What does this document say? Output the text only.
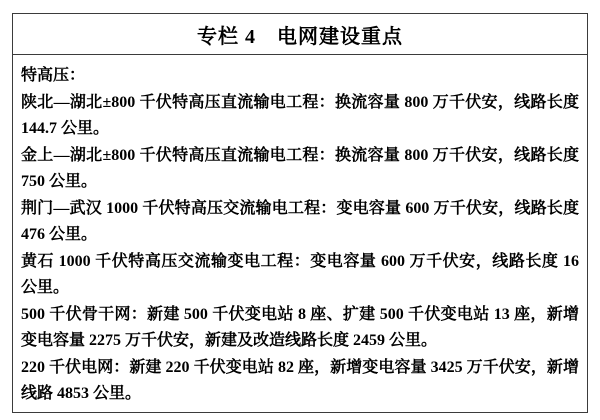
专栏 4　电网建设重点

特高压：

陕北—湖北±800 千伏特高压直流输电工程：换流容量 800 万千伏安，线路长度 144.7 公里。

金上—湖北±800 千伏特高压直流输电工程：换流容量 800 万千伏安，线路长度 750 公里。

荆门—武汉 1000 千伏特高压交流输电工程：变电容量 600 万千伏安，线路长度 476 公里。

黄石 1000 千伏特高压交流输变电工程：变电容量 600 万千伏安，线路长度 16 公里。

500 千伏骨干网：新建 500 千伏变电站 8 座、扩建 500 千伏变电站 13 座，新增变电容量 2275 万千伏安，新建及改造线路长度 2459 公里。

220 千伏电网：新建 220 千伏变电站 82 座，新增变电容量 3425 万千伏安，新增线路 4853 公里。
